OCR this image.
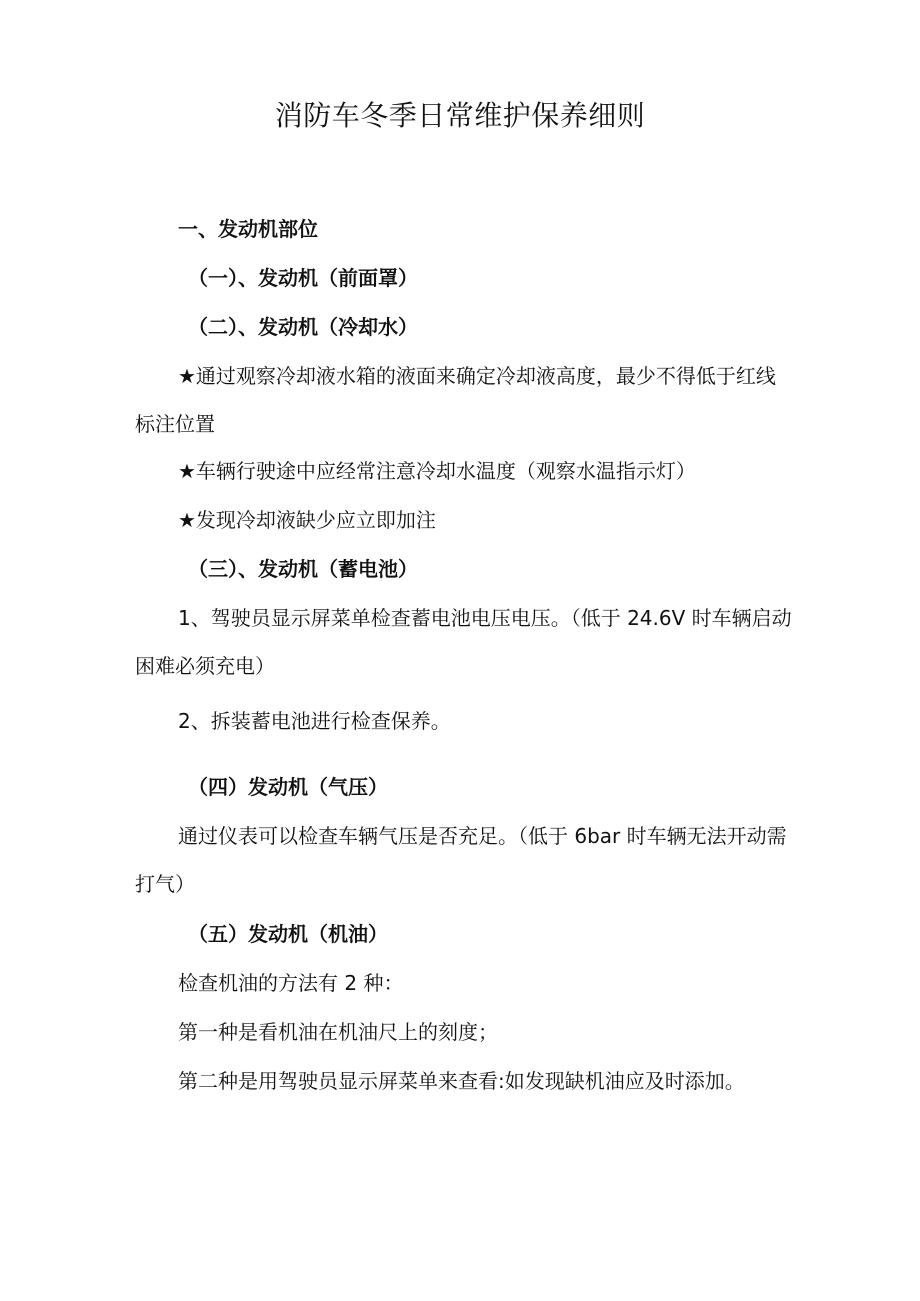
消防车冬季日常维护保养细则
一、发动机部位
（一）、发动机（前面罩）
（二）、发动机（冷却水）

★通过观察冷却液水箱的液面来确定冷却液高度，最少不得低于红线标注位置

★车辆行驶途中应经常注意冷却水温度（观察水温指示灯）
★发现冷却液缺少应立即加注
（三）、发动机（蓄电池）

1、驾驶员显示屏菜单检查蓄电池电压电压。（低于 24.6V 时车辆启动困难必须充电）

2、拆装蓄电池进行检查保养。
（四）发动机（气压）

通过仪表可以检查车辆气压是否充足。（低于 6bar 时车辆无法开动需打气）

（五）发动机（机油）
检查机油的方法有 2 种：
第一种是看机油在机油尺上的刻度；
第二种是用驾驶员显示屏菜单来查看:如发现缺机油应及时添加。
